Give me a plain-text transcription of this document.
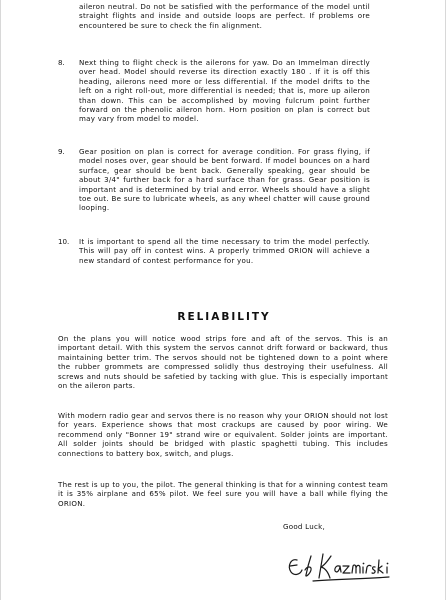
aileron neutral. Do not be satisfied with the performance of the model until straight flights and inside and outside loops are perfect. If problems ore encountered be sure to check the fin alignment.

8. Next thing to flight check is the ailerons for yaw. Do an Immelman directly over head. Model should reverse its direction exactly 180 . If it is off this heading, ailerons need more or less differential. If the model drifts to the left on a right roll-out, more differential is needed; that is, more up aileron than down. This can be accomplished by moving fulcrum point further forward on the phenolic aileron horn. Horn position on plan is correct but may vary from model to model.

9. Gear position on plan is correct for average condition. For grass flying, if model noses over, gear should be bent forward. If model bounces on a hard surface, gear should be bent back. Generally speaking, gear should be about 3/4" further back for a hard surface than for grass. Gear position is important and is determined by trial and error. Wheels should have a slight toe out. Be sure to lubricate wheels, as any wheel chatter will cause ground looping.

10. It is important to spend all the time necessary to trim the model perfectly. This will pay off in contest wins. A properly trimmed ORION will achieve a new standard of contest performance for you.

RELIABILITY

On the plans you will notice wood strips fore and aft of the servos. This is an important detail. With this system the servos cannot drift forward or backward, thus maintaining better trim. The servos should not be tightened down to a point where the rubber grommets are compressed solidly thus destroying their usefulness. All screws and nuts should be safetied by tacking with glue. This is especially important on the aileron parts.

With modern radio gear and servos there is no reason why your ORION should not lost for years. Experience shows that most crackups are caused by poor wiring. We recommend only "Bonner 19" strand wire or equivalent. Solder joints are important. All solder joints should be bridged with plastic spaghetti tubing. This includes connections to battery box, switch, and plugs.

The rest is up to you, the pilot. The general thinking is that for a winning contest team it is 35% airplane and 65% pilot. We feel sure you will have a ball while flying the ORION.

Good Luck,
